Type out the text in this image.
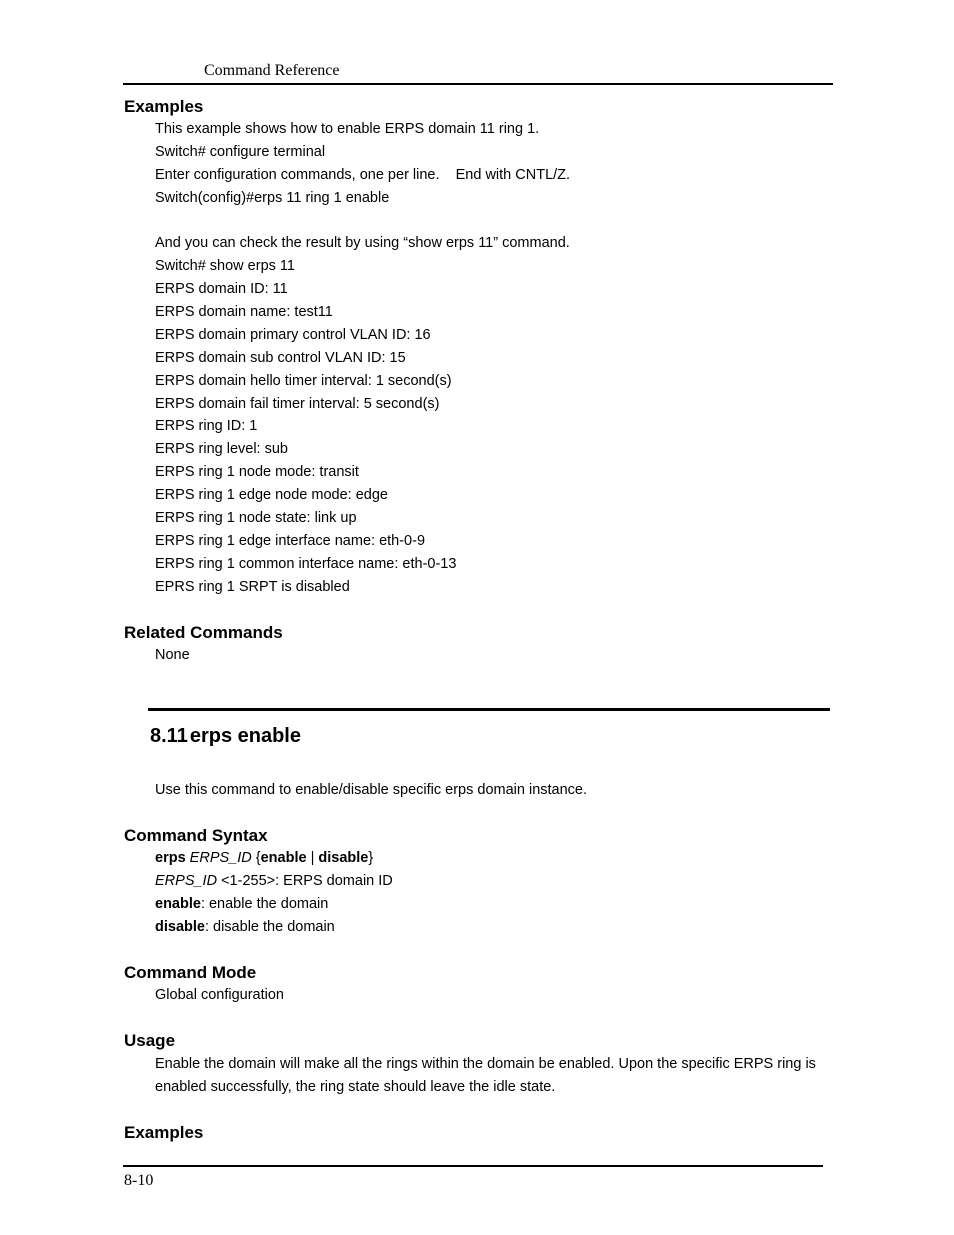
Command Reference
Examples
This example shows how to enable ERPS domain 11 ring 1.
Switch# configure terminal
Enter configuration commands, one per line.    End with CNTL/Z.
Switch(config)#erps 11 ring 1 enable
And you can check the result by using “show erps 11” command.
Switch# show erps 11
ERPS domain ID: 11
ERPS domain name: test11
ERPS domain primary control VLAN ID: 16
ERPS domain sub control VLAN ID: 15
ERPS domain hello timer interval: 1 second(s)
ERPS domain fail timer interval: 5 second(s)
ERPS ring ID: 1
ERPS ring level: sub
ERPS ring 1 node mode: transit
ERPS ring 1 edge node mode: edge
ERPS ring 1 node state: link up
ERPS ring 1 edge interface name: eth-0-9
ERPS ring 1 common interface name: eth-0-13
EPRS ring 1 SRPT is disabled
Related Commands
None
8.11 erps enable
Use this command to enable/disable specific erps domain instance.
Command Syntax
erps ERPS_ID {enable | disable}
ERPS_ID <1-255>: ERPS domain ID
enable: enable the domain
disable: disable the domain
Command Mode
Global configuration
Usage
Enable the domain will make all the rings within the domain be enabled. Upon the specific ERPS ring is
enabled successfully, the ring state should leave the idle state.
Examples
8-10
